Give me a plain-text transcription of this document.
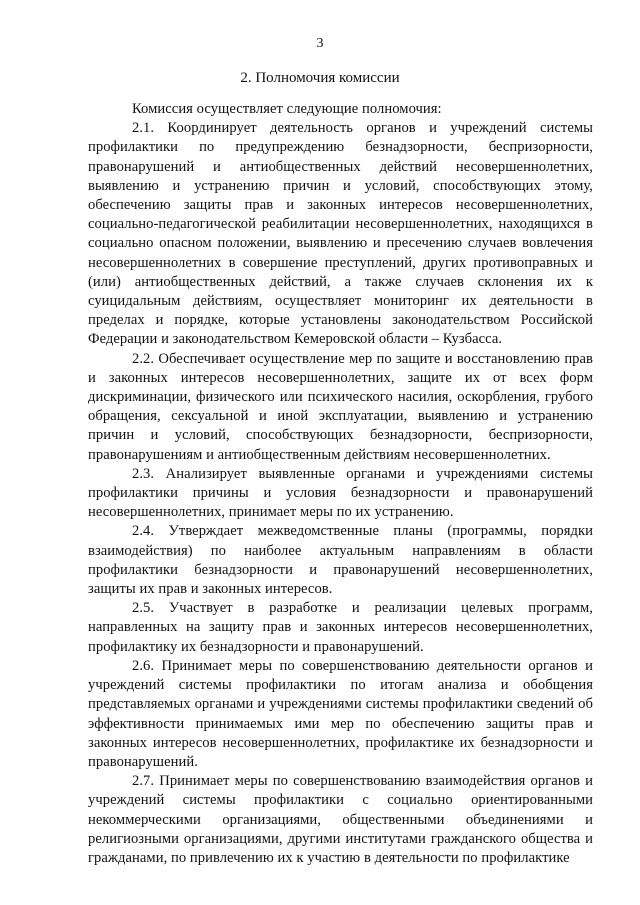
3
2. Полномочия комиссии

Комиссия осуществляет следующие полномочия:

2.1. Координирует деятельность органов и учреждений системы профилактики по предупреждению безнадзорности, беспризорности, правонарушений и антиобщественных действий несовершеннолетних, выявлению и устранению причин и условий, способствующих этому, обеспечению защиты прав и законных интересов несовершеннолетних, социально-педагогической реабилитации несовершеннолетних, находящихся в социально опасном положении, выявлению и пресечению случаев вовлечения несовершеннолетних в совершение преступлений, других противоправных и (или) антиобщественных действий, а также случаев склонения их к суицидальным действиям, осуществляет мониторинг их деятельности в пределах и порядке, которые установлены законодательством Российской Федерации и законодательством Кемеровской области – Кузбасса.

2.2. Обеспечивает осуществление мер по защите и восстановлению прав и законных интересов несовершеннолетних, защите их от всех форм дискриминации, физического или психического насилия, оскорбления, грубого обращения, сексуальной и иной эксплуатации, выявлению и устранению причин и условий, способствующих безнадзорности, беспризорности, правонарушениям и антиобщественным действиям несовершеннолетних.

2.3. Анализирует выявленные органами и учреждениями системы профилактики причины и условия безнадзорности и правонарушений несовершеннолетних, принимает меры по их устранению.

2.4. Утверждает межведомственные планы (программы, порядки взаимодействия) по наиболее актуальным направлениям в области профилактики безнадзорности и правонарушений несовершеннолетних, защиты их прав и законных интересов.

2.5. Участвует в разработке и реализации целевых программ, направленных на защиту прав и законных интересов несовершеннолетних, профилактику их безнадзорности и правонарушений.

2.6. Принимает меры по совершенствованию деятельности органов и учреждений системы профилактики по итогам анализа и обобщения представляемых органами и учреждениями системы профилактики сведений об эффективности принимаемых ими мер по обеспечению защиты прав и законных интересов несовершеннолетних, профилактике их безнадзорности и правонарушений.

2.7. Принимает меры по совершенствованию взаимодействия органов и учреждений системы профилактики с социально ориентированными некоммерческими организациями, общественными объединениями и религиозными организациями, другими институтами гражданского общества и гражданами, по привлечению их к участию в деятельности по профилактике
